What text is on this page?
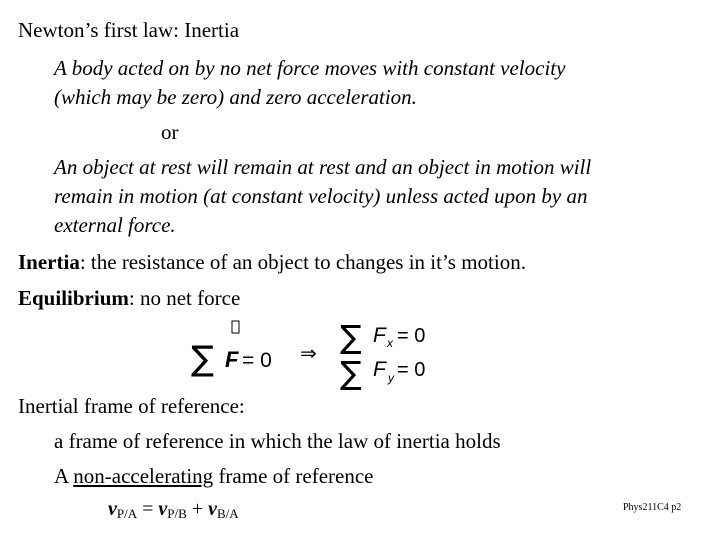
Newton’s first law: Inertia

A body acted on by no net force moves with constant velocity

(which may be zero) and zero acceleration.

or

An object at rest will remain at rest and an object in motion will

remain in motion (at constant velocity) unless acted upon by an

external force.

Inertia: the resistance of an object to changes in it’s motion.

Equilibrium: no net force

∑ F = 0 ⇒ ∑ F x = 0
∑ F y = 0

Inertial frame of reference:

a frame of reference in which the law of inertia holds

A non-accelerating frame of reference

$v_{P/A} = v_{P/B} + v_{B/A}$	Phys211C4 p2
